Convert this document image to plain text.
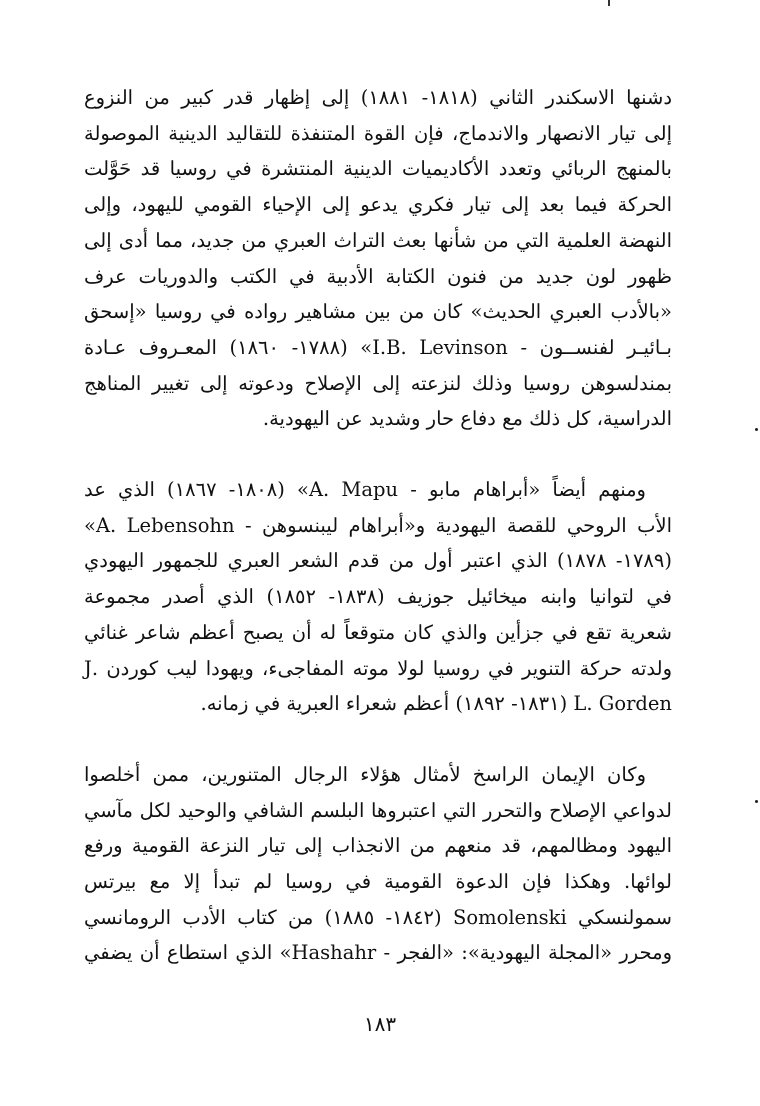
دشنها الاسكندر الثاني (١٨١٨- ١٨٨١) إلى إظهار قدر كبير من النزوع
إلى تيار الانصهار والاندماج، فإن القوة المتنفذة للتقاليد الدينية الموصولة
بالمنهج الربائي وتعدد الأكاديميات الدينية المنتشرة في روسيا قد حَوَّلت
الحركة فيما بعد إلى تيار فكري يدعو إلى الإحياء القومي لليهود، وإلى
النهضة العلمية التي من شأنها بعث التراث العبري من جديد، مما أدى إلى
ظهور لون جديد من فنون الكتابة الأدبية في الكتب والدوريات عرف
«بالأدب العبري الحديث» كان من بين مشاهير رواده في روسيا «إسحق
بـائيـر لفنســون - I.B. Levinson» (١٧٨٨- ١٨٦٠) المعـروف عـادة
بمندلسوهن روسيا وذلك لنزعته إلى الإصلاح ودعوته إلى تغيير المناهج
الدراسية، كل ذلك مع دفاع حار وشديد عن اليهودية.

ومنهم أيضاً «أبراهام مابو - A. Mapu» (١٨٠٨- ١٨٦٧) الذي عد
الأب الروحي للقصة اليهودية و«أبراهام ليبنسوهن - A. Lebensohn»
(١٧٨٩- ١٨٧٨) الذي اعتبر أول من قدم الشعر العبري للجمهور اليهودي
في لتوانيا وابنه ميخائيل جوزيف (١٨٣٨- ١٨٥٢) الذي أصدر مجموعة
شعرية تقع في جزأين والذي كان متوقعاً له أن يصبح أعظم شاعر غنائي
ولدته حركة التنوير في روسيا لولا موته المفاجىء، ويهودا ليب كوردن .J
L. Gorden (١٨٣١- ١٨٩٢) أعظم شعراء العبرية في زمانه.

وكان الإيمان الراسخ لأمثال هؤلاء الرجال المتنورين، ممن أخلصوا
لدواعي الإصلاح والتحرر التي اعتبروها البلسم الشافي والوحيد لكل مآسي
اليهود ومظالمهم، قد منعهم من الانجذاب إلى تيار النزعة القومية ورفع
لوائها. وهكذا فإن الدعوة القومية في روسيا لم تبدأ إلا مع بيرتس
سمولنسكي Somolenski (١٨٤٢- ١٨٨٥) من كتاب الأدب الرومانسي
ومحرر «المجلة اليهودية»: «الفجر - Hashahr» الذي استطاع أن يضفي

١٨٣
